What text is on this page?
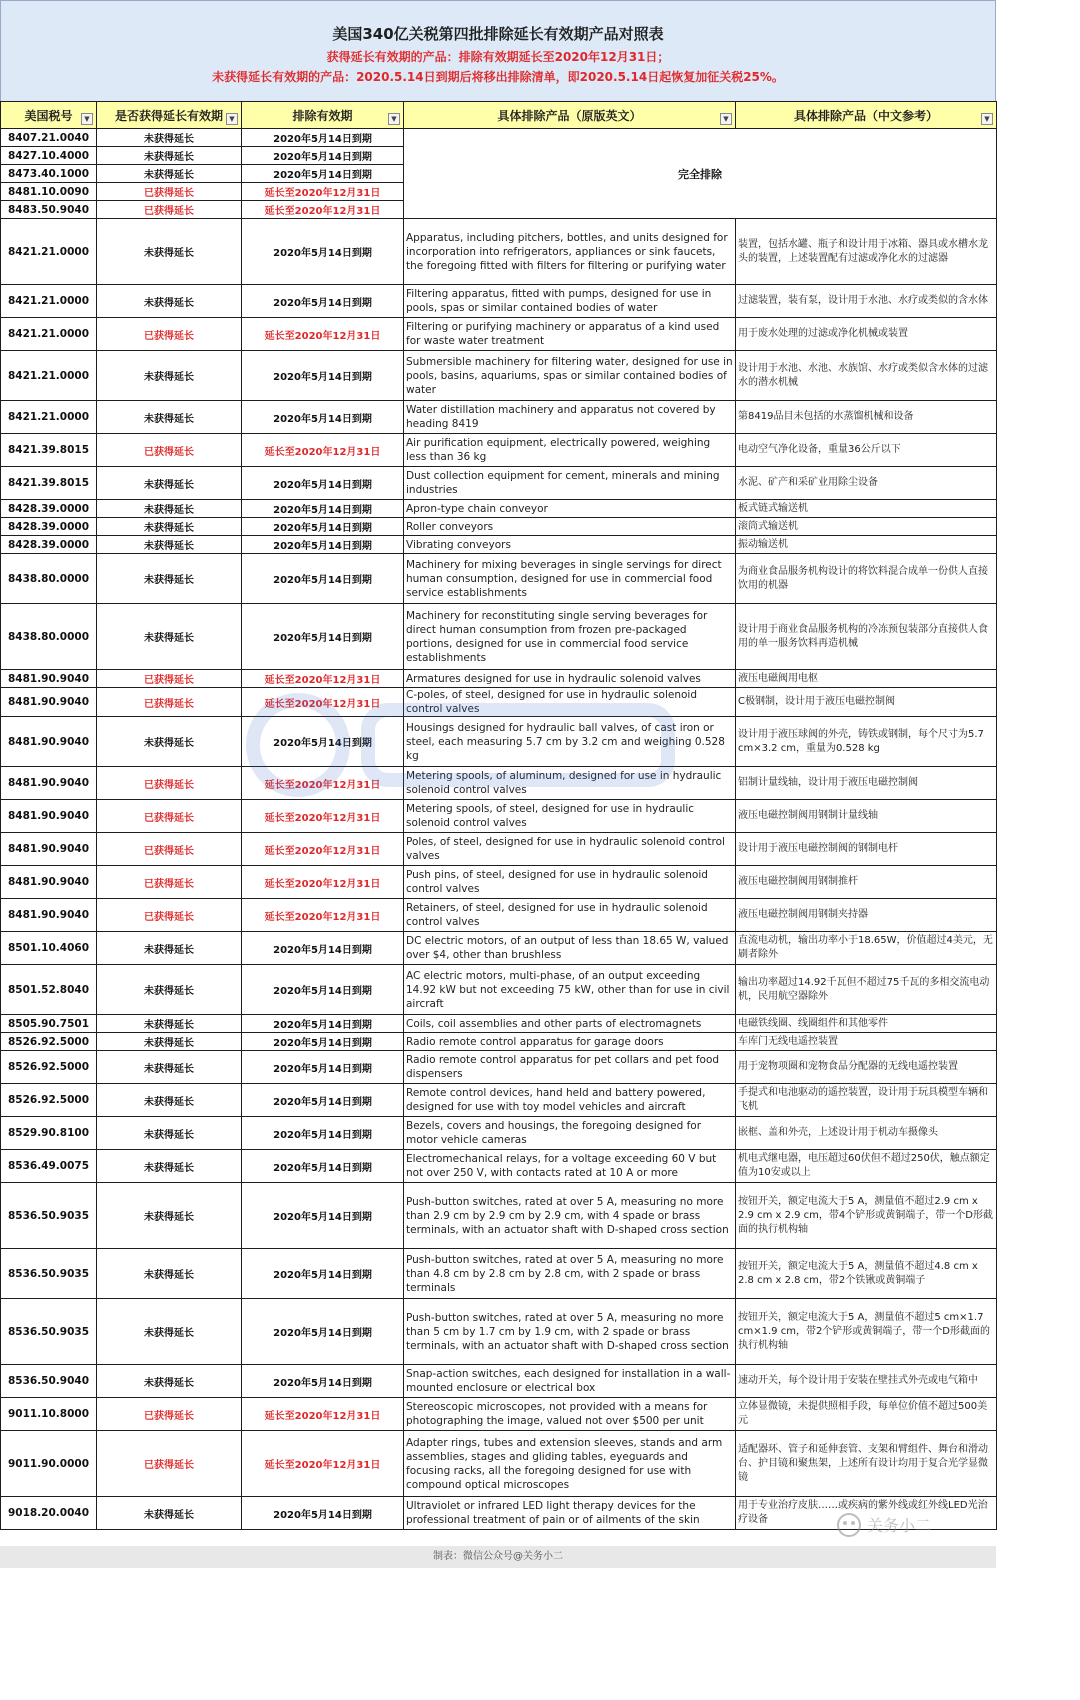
美国340亿关税第四批排除延长有效期产品对照表
获得延长有效期的产品：排除有效期延长至2020年12月31日；
未获得延长有效期的产品：2020.5.14日到期后将移出排除清单，即2020.5.14日起恢复加征关税25%。
美国税号 ▼	是否获得延长有效期 ▼	排除有效期 ▼	具体排除产品（原版英文） ▼	具体排除产品（中文参考） ▼

8407.21.0040	未获得延长	2020年5月14日到期	完全排除	
8427.10.4000	未获得延长	2020年5月14日到期		
8473.40.1000	未获得延长	2020年5月14日到期		
8481.10.0090	已获得延长	延长至2020年12月31日		
8483.50.9040	已获得延长	延长至2020年12月31日		
8421.21.0000	未获得延长	2020年5月14日到期	Apparatus, including pitchers, bottles, and units designed for incorporation into refrigerators, appliances or sink faucets, the foregoing fitted with filters for filtering or purifying water	装置，包括水罐、瓶子和设计用于冰箱、器具或水槽水龙头的装置，上述装置配有过滤或净化水的过滤器
8421.21.0000	未获得延长	2020年5月14日到期	Filtering apparatus, fitted with pumps, designed for use in pools, spas or similar contained bodies of water	过滤装置，装有泵，设计用于水池、水疗或类似的含水体
8421.21.0000	已获得延长	延长至2020年12月31日	Filtering or purifying machinery or apparatus of a kind used for waste water treatment	用于废水处理的过滤或净化机械或装置
8421.21.0000	未获得延长	2020年5月14日到期	Submersible machinery for filtering water, designed for use in pools, basins, aquariums, spas or similar contained bodies of water	设计用于水池、水池、水族馆、水疗或类似含水体的过滤水的潜水机械
8421.21.0000	未获得延长	2020年5月14日到期	Water distillation machinery and apparatus not covered by heading 8419	第8419品目未包括的水蒸馏机械和设备
8421.39.8015	已获得延长	延长至2020年12月31日	Air purification equipment, electrically powered, weighing less than 36 kg	电动空气净化设备，重量36公斤以下
8421.39.8015	未获得延长	2020年5月14日到期	Dust collection equipment for cement, minerals and mining industries	水泥、矿产和采矿业用除尘设备
8428.39.0000	未获得延长	2020年5月14日到期	Apron-type chain conveyor	板式链式输送机
8428.39.0000	未获得延长	2020年5月14日到期	Roller conveyors	滚筒式输送机
8428.39.0000	未获得延长	2020年5月14日到期	Vibrating conveyors	振动输送机
8438.80.0000	未获得延长	2020年5月14日到期	Machinery for mixing beverages in single servings for direct human consumption, designed for use in commercial food service establishments	为商业食品服务机构设计的将饮料混合成单一份供人直接饮用的机器
8438.80.0000	未获得延长	2020年5月14日到期	Machinery for reconstituting single serving beverages for direct human consumption from frozen pre-packaged portions, designed for use in commercial food service establishments	设计用于商业食品服务机构的冷冻预包装部分直接供人食用的单一服务饮料再造机械
8481.90.9040	已获得延长	延长至2020年12月31日	Armatures designed for use in hydraulic solenoid valves	液压电磁阀用电枢
8481.90.9040	已获得延长	延长至2020年12月31日	C-poles, of steel, designed for use in hydraulic solenoid control valves	C极钢制，设计用于液压电磁控制阀
8481.90.9040	未获得延长	2020年5月14日到期	Housings designed for hydraulic ball valves, of cast iron or steel, each measuring 5.7 cm by 3.2 cm and weighing 0.528 kg	设计用于液压球阀的外壳，铸铁或钢制，每个尺寸为5.7 cm×3.2 cm，重量为0.528 kg
8481.90.9040	已获得延长	延长至2020年12月31日	Metering spools, of aluminum, designed for use in hydraulic solenoid control valves	铝制计量线轴，设计用于液压电磁控制阀
8481.90.9040	已获得延长	延长至2020年12月31日	Metering spools, of steel, designed for use in hydraulic solenoid control valves	液压电磁控制阀用钢制计量线轴
8481.90.9040	已获得延长	延长至2020年12月31日	Poles, of steel, designed for use in hydraulic solenoid control valves	设计用于液压电磁控制阀的钢制电杆
8481.90.9040	已获得延长	延长至2020年12月31日	Push pins, of steel, designed for use in hydraulic solenoid control valves	液压电磁控制阀用钢制推杆
8481.90.9040	已获得延长	延长至2020年12月31日	Retainers, of steel, designed for use in hydraulic solenoid control valves	液压电磁控制阀用钢制夹持器
8501.10.4060	未获得延长	2020年5月14日到期	DC electric motors, of an output of less than 18.65 W, valued over $4, other than brushless	直流电动机，输出功率小于18.65W，价值超过4美元，无刷者除外
8501.52.8040	未获得延长	2020年5月14日到期	AC electric motors, multi-phase, of an output exceeding 14.92 kW but not exceeding 75 kW, other than for use in civil aircraft	输出功率超过14.92千瓦但不超过75千瓦的多相交流电动机，民用航空器除外
8505.90.7501	未获得延长	2020年5月14日到期	Coils, coil assemblies and other parts of electromagnets	电磁铁线圈、线圈组件和其他零件
8526.92.5000	未获得延长	2020年5月14日到期	Radio remote control apparatus for garage doors	车库门无线电遥控装置
8526.92.5000	未获得延长	2020年5月14日到期	Radio remote control apparatus for pet collars and pet food dispensers	用于宠物项圈和宠物食品分配器的无线电遥控装置
8526.92.5000	未获得延长	2020年5月14日到期	Remote control devices, hand held and battery powered, designed for use with toy model vehicles and aircraft	手提式和电池驱动的遥控装置，设计用于玩具模型车辆和飞机
8529.90.8100	未获得延长	2020年5月14日到期	Bezels, covers and housings, the foregoing designed for motor vehicle cameras	嵌框、盖和外壳，上述设计用于机动车摄像头
8536.49.0075	未获得延长	2020年5月14日到期	Electromechanical relays, for a voltage exceeding 60 V but not over 250 V, with contacts rated at 10 A or more	机电式继电器，电压超过60伏但不超过250伏，触点额定值为10安或以上
8536.50.9035	未获得延长	2020年5月14日到期	Push-button switches, rated at over 5 A, measuring no more than 2.9 cm by 2.9 cm by 2.9 cm, with 4 spade or brass terminals, with an actuator shaft with D-shaped cross section	按钮开关，额定电流大于5 A，测量值不超过2.9 cm x 2.9 cm x 2.9 cm，带4个铲形或黄铜端子，带一个D形截面的执行机构轴
8536.50.9035	未获得延长	2020年5月14日到期	Push-button switches, rated at over 5 A, measuring no more than 4.8 cm by 2.8 cm by 2.8 cm, with 2 spade or brass terminals	按钮开关，额定电流大于5 A，测量值不超过4.8 cm x 2.8 cm x 2.8 cm，带2个铁锹或黄铜端子
8536.50.9035	未获得延长	2020年5月14日到期	Push-button switches, rated at over 5 A, measuring no more than 5 cm by 1.7 cm by 1.9 cm, with 2 spade or brass terminals, with an actuator shaft with D-shaped cross section	按钮开关，额定电流大于5 A，测量值不超过5 cm×1.7 cm×1.9 cm，带2个铲形或黄铜端子，带一个D形截面的执行机构轴
8536.50.9040	未获得延长	2020年5月14日到期	Snap-action switches, each designed for installation in a wall-mounted enclosure or electrical box	速动开关，每个设计用于安装在壁挂式外壳或电气箱中
9011.10.8000	已获得延长	延长至2020年12月31日	Stereoscopic microscopes, not provided with a means for photographing the image, valued not over $500 per unit	立体显微镜，未提供照相手段，每单位价值不超过500美元
9011.90.0000	已获得延长	延长至2020年12月31日	Adapter rings, tubes and extension sleeves, stands and arm assemblies, stages and gliding tables, eyeguards and focusing racks, all the foregoing designed for use with compound optical microscopes	适配器环、管子和延伸套管、支架和臂组件、舞台和滑动台、护目镜和聚焦架，上述所有设计均用于复合光学显微镜
9018.20.0040	未获得延长	2020年5月14日到期	Ultraviolet or infrared LED light therapy devices for the professional treatment of pain or of ailments of the skin	用于专业治疗皮肤……或疾病的紫外线或红外线LED光治疗设备
制表：微信公众号@关务小二
关务小二
